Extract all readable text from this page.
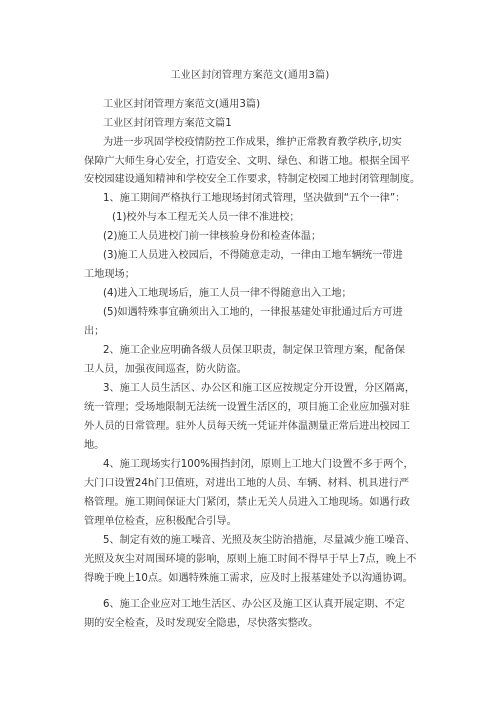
工业区封闭管理方案范文(通用3篇)
工业区封闭管理方案范文(通用3篇)
工业区封闭管理方案范文篇1
为进一步巩固学校疫情防控工作成果，维护正常教育教学秩序,切实
保障广大师生身心安全，打造安全、文明、绿色、和谐工地。根据全国平
安校园建设通知精神和学校安全工作要求，特制定校园工地封闭管理制度。
1、施工期间严格执行工地现场封闭式管理，坚决做到“五个一律”：
(1)校外与本工程无关人员一律不准进校；
(2)施工人员进校门前一律核验身份和检查体温；
(3)施工人员进入校园后，不得随意走动，一律由工地车辆统一带进
工地现场；
(4)进入工地现场后，施工人员一律不得随意出入工地；
(5)如遇特殊事宜确须出入工地的，一律报基建处审批通过后方可进
出；
2、施工企业应明确各级人员保卫职责，制定保卫管理方案，配备保
卫人员，加强夜间巡查，防火防盗。
3、施工人员生活区、办公区和施工区应按规定分开设置，分区隔离，
统一管理；受场地限制无法统一设置生活区的，项目施工企业应加强对驻
外人员的日常管理。驻外人员每天统一凭证并体温测量正常后进出校园工
地。
4、施工现场实行100%围挡封闭，原则上工地大门设置不多于两个，
大门口设置24h门卫值班，对进出工地的人员、车辆、材料、机具进行严
格管理。施工期间保证大门紧闭，禁止无关人员进入工地现场。如遇行政
管理单位检查，应积极配合引导。
5、制定有效的施工噪音、光照及灰尘防治措施，尽量减少施工噪音、
光照及灰尘对周围环境的影响，原则上施工时间不得早于早上7点，晚上不
得晚于晚上10点。如遇特殊施工需求，应及时上报基建处予以沟通协调。
6、施工企业应对工地生活区、办公区及施工区认真开展定期、不定
期的安全检查，及时发现安全隐患，尽快落实整改。
